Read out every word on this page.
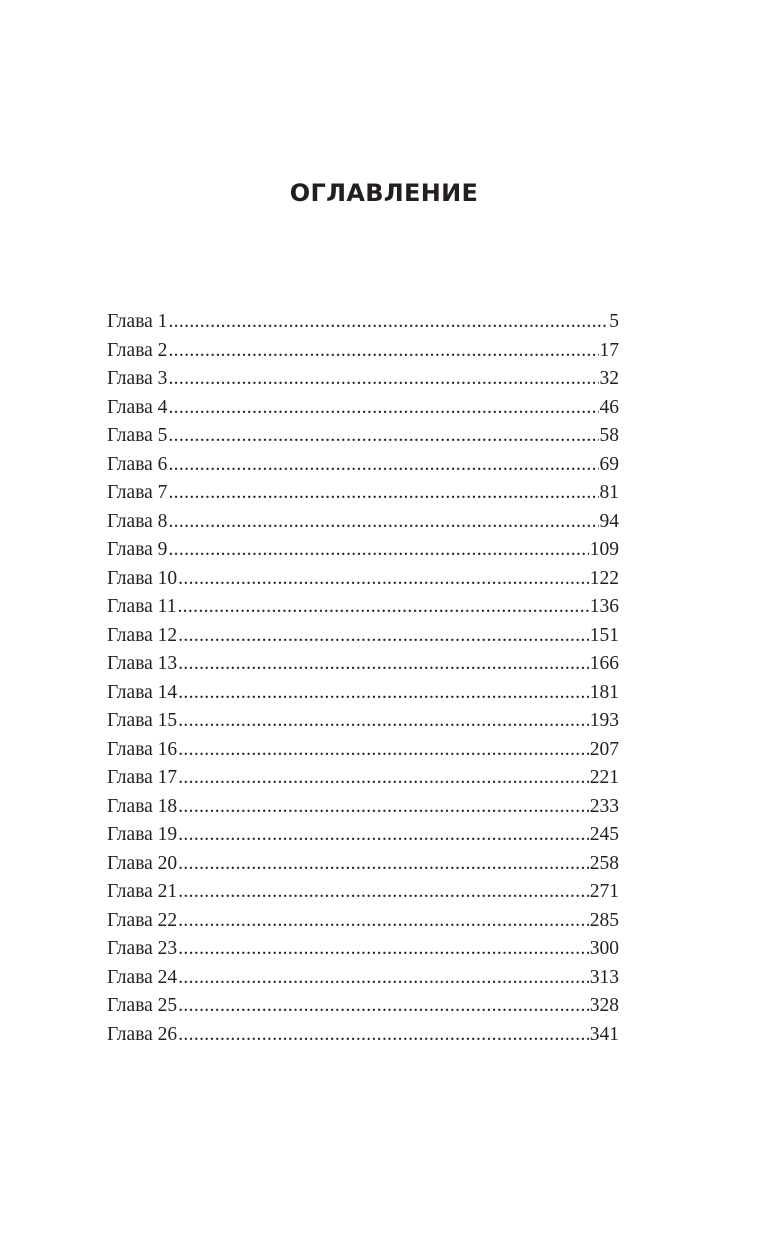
ОГЛАВЛЕНИЕ
Глава 1 .....	5
Глава 2 .....	17
Глава 3 .....	32
Глава 4 .....	46
Глава 5 .....	58
Глава 6 .....	69
Глава 7 .....	81
Глава 8 .....	94
Глава 9 .....	109
Глава 10 .....	122
Глава 11 .....	136
Глава 12 .....	151
Глава 13 .....	166
Глава 14 .....	181
Глава 15 .....	193
Глава 16 .....	207
Глава 17 .....	221
Глава 18 .....	233
Глава 19 .....	245
Глава 20 .....	258
Глава 21 .....	271
Глава 22 .....	285
Глава 23 .....	300
Глава 24 .....	313
Глава 25 .....	328
Глава 26 .....	341
